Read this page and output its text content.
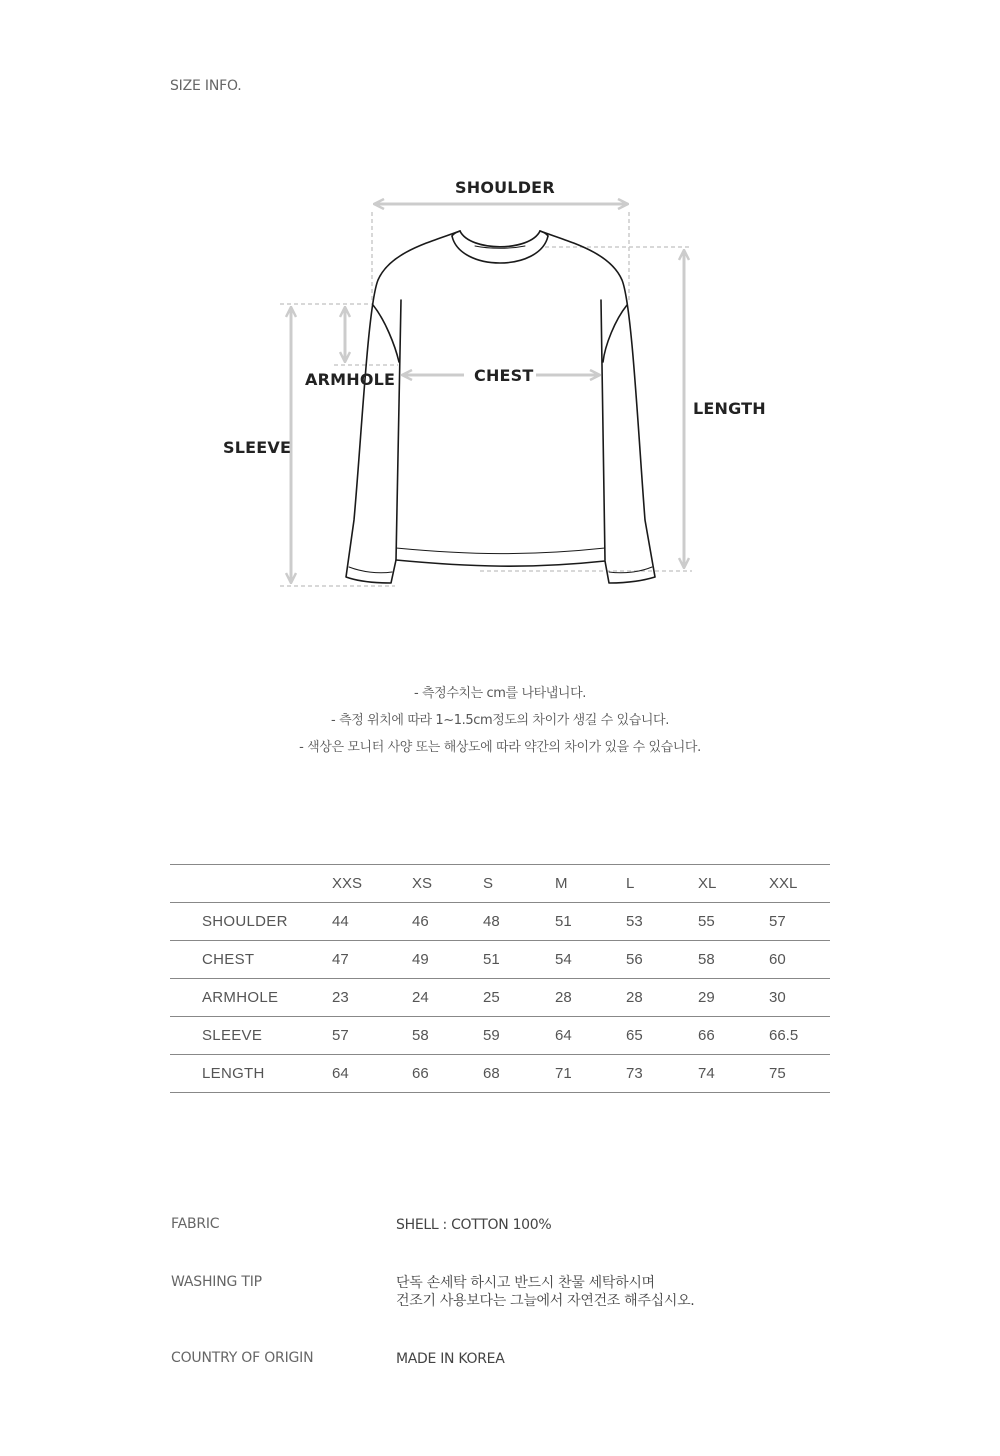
SIZE INFO.
SHOULDER
ARMHOLE	CHEST
LENGTH
SLEEVE
- 측정수치는 cm를 나타냅니다.
- 측정 위치에 따라 1~1.5cm정도의 차이가 생길 수 있습니다.
- 색상은 모니터 사양 또는 해상도에 따라 약간의 차이가 있을 수 있습니다.
	XXS	XS	S	M	L	XL	XXL
SHOULDER	44	46	48	51	53	55	57
CHEST	47	49	51	54	56	58	60
ARMHOLE	23	24	25	28	28	29	30
SLEEVE	57	58	59	64	65	66	66.5
LENGTH	64	66	68	71	73	74	75
FABRIC	SHELL : COTTON 100%
WASHING TIP	단독 손세탁 하시고 반드시 찬물 세탁하시며
건조기 사용보다는 그늘에서 자연건조 해주십시오.
COUNTRY OF ORIGIN	MADE IN KOREA
